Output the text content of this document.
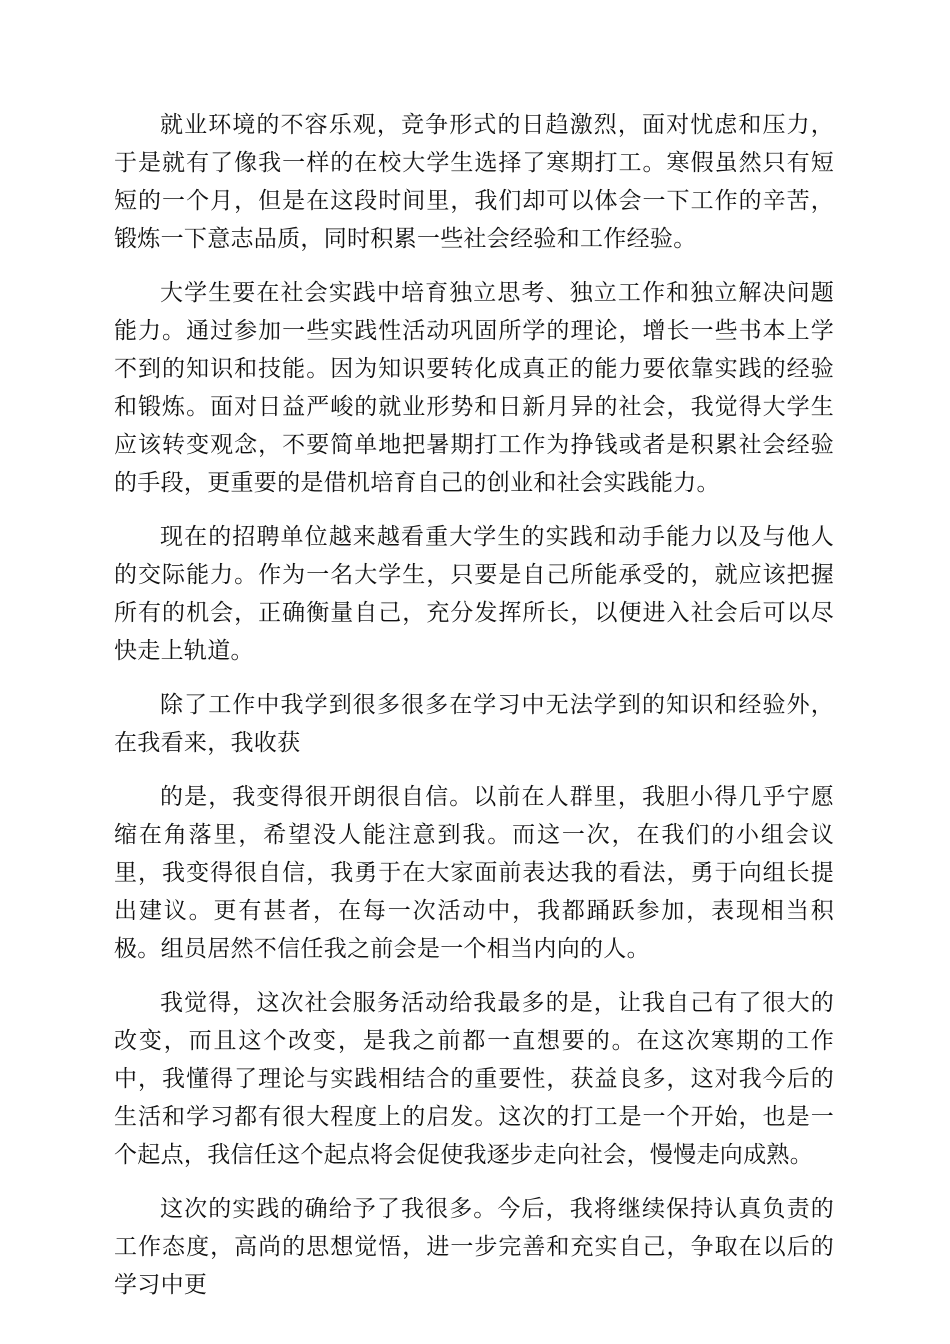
就业环境的不容乐观，竞争形式的日趋激烈，面对忧虑和压力，于是就有了像我一样的在校大学生选择了寒期打工。寒假虽然只有短短的一个月，但是在这段时间里，我们却可以体会一下工作的辛苦，锻炼一下意志品质，同时积累一些社会经验和工作经验。

大学生要在社会实践中培育独立思考、独立工作和独立解决问题能力。通过参加一些实践性活动巩固所学的理论，增长一些书本上学不到的知识和技能。因为知识要转化成真正的能力要依靠实践的经验和锻炼。面对日益严峻的就业形势和日新月异的社会，我觉得大学生应该转变观念，不要简单地把暑期打工作为挣钱或者是积累社会经验的手段，更重要的是借机培育自己的创业和社会实践能力。

现在的招聘单位越来越看重大学生的实践和动手能力以及与他人的交际能力。作为一名大学生，只要是自己所能承受的，就应该把握所有的机会，正确衡量自己，充分发挥所长，以便进入社会后可以尽快走上轨道。

除了工作中我学到很多很多在学习中无法学到的知识和经验外，在我看来，我收获

的是，我变得很开朗很自信。以前在人群里，我胆小得几乎宁愿缩在角落里，希望没人能注意到我。而这一次，在我们的小组会议里，我变得很自信，我勇于在大家面前表达我的看法，勇于向组长提出建议。更有甚者，在每一次活动中，我都踊跃参加，表现相当积极。组员居然不信任我之前会是一个相当内向的人。

我觉得，这次社会服务活动给我最多的是，让我自己有了很大的改变，而且这个改变，是我之前都一直想要的。在这次寒期的工作中，我懂得了理论与实践相结合的重要性，获益良多，这对我今后的生活和学习都有很大程度上的启发。这次的打工是一个开始，也是一个起点，我信任这个起点将会促使我逐步走向社会，慢慢走向成熟。

这次的实践的确给予了我很多。今后，我将继续保持认真负责的工作态度，高尚的思想觉悟，进一步完善和充实自己，争取在以后的学习中更
